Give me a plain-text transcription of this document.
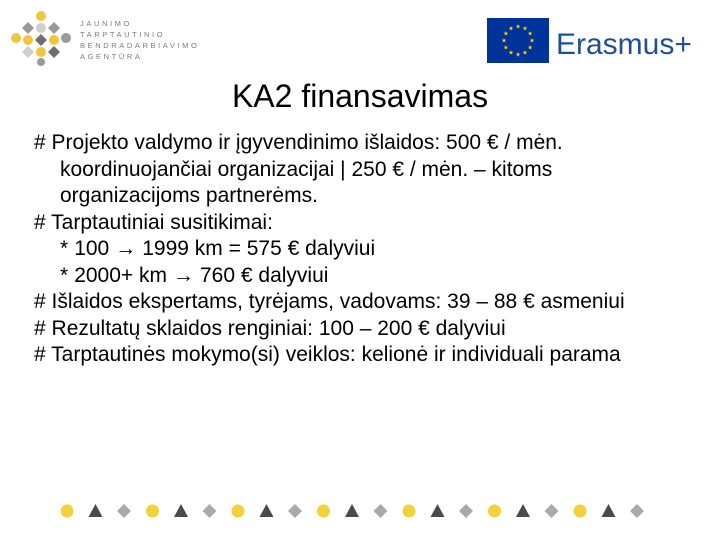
JAUNIMO
TARPTAUTINIO
BENDRADARBIAVIMO
AGENTŪRA	Erasmus+
KA2 finansavimas

# Projekto valdymo ir įgyvendinimo išlaidos: 500 € / mėn. koordinuojančiai organizacijai | 250 € / mėn. – kitoms organizacijoms partnerėms.

# Tarptautiniai susitikimai:

* 100 → 1999 km = 575 € dalyviui

* 2000+ km → 760 € dalyviui

# Išlaidos ekspertams, tyrėjams, vadovams: 39 – 88 € asmeniui

# Rezultatų sklaidos renginiai: 100 – 200 € dalyviui

# Tarptautinės mokymo(si) veiklos: kelionė ir individuali parama
